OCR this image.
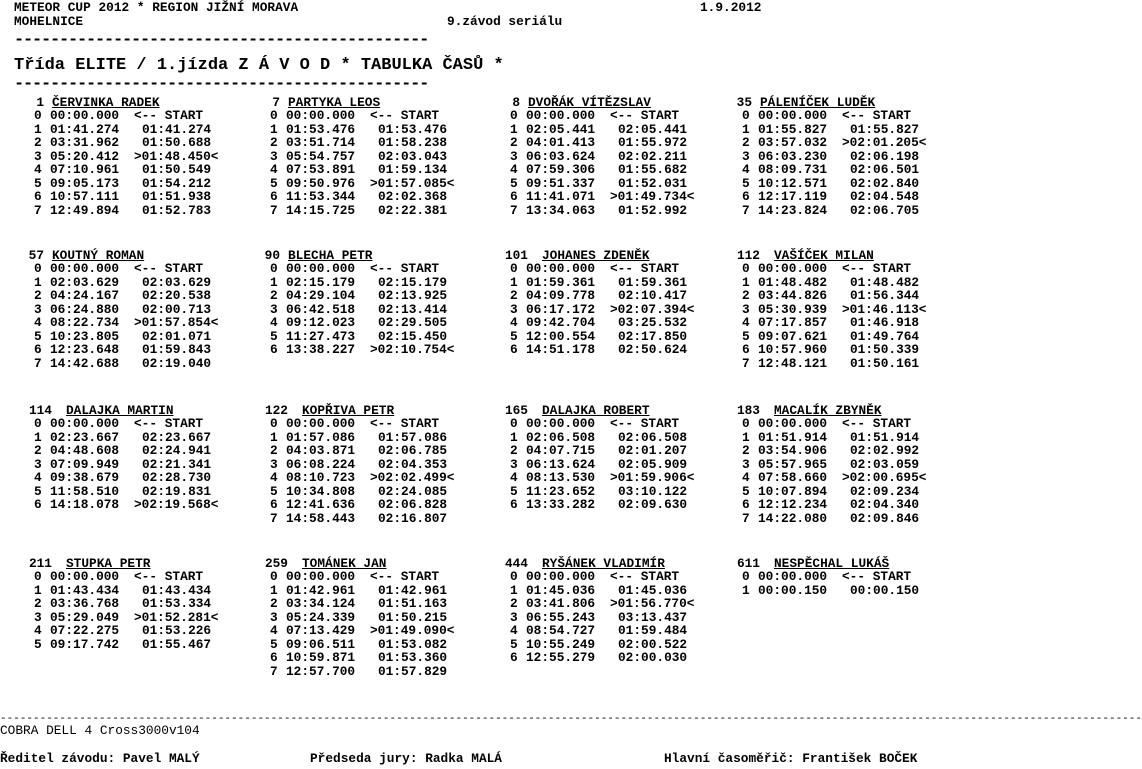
METEOR CUP 2012 * REGION JIŽNÍ MORAVA	1.9.2012
MOHELNICE	9.závod seriálu
----------------------------------------------
Třída ELITE / 1.jízda Z Á V O D * TABULKA ČASŮ *
----------------------------------------------
1 ČERVINKA RADEK
0 00:00.000 <-- START
1 01:41.274 01:41.274
2 03:31.962 01:50.688
3 05:20.412 >01:48.450<
4 07:10.961 01:50.549
5 09:05.173 01:54.212
6 10:57.111 01:51.938
7 12:49.894 01:52.783
7 PARTYKA LEOS
0 00:00.000 <-- START
1 01:53.476 01:53.476
2 03:51.714 01:58.238
3 05:54.757 02:03.043
4 07:53.891 01:59.134
5 09:50.976 >01:57.085<
6 11:53.344 02:02.368
7 14:15.725 02:22.381
8 DVOŘÁK VÍTĚZSLAV
0 00:00.000 <-- START
1 02:05.441 02:05.441
2 04:01.413 01:55.972
3 06:03.624 02:02.211
4 07:59.306 01:55.682
5 09:51.337 01:52.031
6 11:41.071 >01:49.734<
7 13:34.063 01:52.992
35 PÁLENÍČEK LUDĚK
0 00:00.000 <-- START
1 01:55.827 01:55.827
2 03:57.032 >02:01.205<
3 06:03.230 02:06.198
4 08:09.731 02:06.501
5 10:12.571 02:02.840
6 12:17.119 02:04.548
7 14:23.824 02:06.705
57 KOUTNÝ ROMAN
0 00:00.000 <-- START
1 02:03.629 02:03.629
2 04:24.167 02:20.538
3 06:24.880 02:00.713
4 08:22.734 >01:57.854<
5 10:23.805 02:01.071
6 12:23.648 01:59.843
7 14:42.688 02:19.040
90 BLECHA PETR
0 00:00.000 <-- START
1 02:15.179 02:15.179
2 04:29.104 02:13.925
3 06:42.518 02:13.414
4 09:12.023 02:29.505
5 11:27.473 02:15.450
6 13:38.227 >02:10.754<
101 JOHANES ZDENĚK
0 00:00.000 <-- START
1 01:59.361 01:59.361
2 04:09.778 02:10.417
3 06:17.172 >02:07.394<
4 09:42.704 03:25.532
5 12:00.554 02:17.850
6 14:51.178 02:50.624
112 VAŠÍČEK MILAN
0 00:00.000 <-- START
1 01:48.482 01:48.482
2 03:44.826 01:56.344
3 05:30.939 >01:46.113<
4 07:17.857 01:46.918
5 09:07.621 01:49.764
6 10:57.960 01:50.339
7 12:48.121 01:50.161
114 DALAJKA MARTIN
0 00:00.000 <-- START
1 02:23.667 02:23.667
2 04:48.608 02:24.941
3 07:09.949 02:21.341
4 09:38.679 02:28.730
5 11:58.510 02:19.831
6 14:18.078 >02:19.568<
122 KOPŘIVA PETR
0 00:00.000 <-- START
1 01:57.086 01:57.086
2 04:03.871 02:06.785
3 06:08.224 02:04.353
4 08:10.723 >02:02.499<
5 10:34.808 02:24.085
6 12:41.636 02:06.828
7 14:58.443 02:16.807
165 DALAJKA ROBERT
0 00:00.000 <-- START
1 02:06.508 02:06.508
2 04:07.715 02:01.207
3 06:13.624 02:05.909
4 08:13.530 >01:59.906<
5 11:23.652 03:10.122
6 13:33.282 02:09.630
183 MACALÍK ZBYNĚK
0 00:00.000 <-- START
1 01:51.914 01:51.914
2 03:54.906 02:02.992
3 05:57.965 02:03.059
4 07:58.660 >02:00.695<
5 10:07.894 02:09.234
6 12:12.234 02:04.340
7 14:22.080 02:09.846
211 STUPKA PETR
0 00:00.000 <-- START
1 01:43.434 01:43.434
2 03:36.768 01:53.334
3 05:29.049 >01:52.281<
4 07:22.275 01:53.226
5 09:17.742 01:55.467
259 TOMÁNEK JAN
0 00:00.000 <-- START
1 01:42.961 01:42.961
2 03:34.124 01:51.163
3 05:24.339 01:50.215
4 07:13.429 >01:49.090<
5 09:06.511 01:53.082
6 10:59.871 01:53.360
7 12:57.700 01:57.829
444 RYŠÁNEK VLADIMÍR
0 00:00.000 <-- START
1 01:45.036 01:45.036
2 03:41.806 >01:56.770<
3 06:55.243 03:13.437
4 08:54.727 01:59.484
5 10:55.249 02:00.522
6 12:55.279 02:00.030
611 NESPĚCHAL LUKÁŠ
0 00:00.000 <-- START
1 00:00.150 00:00.150
-----------------------------------------------------------------------------------------------------------------------------------------------------------------------------
COBRA DELL 4 Cross3000v104
Ředitel závodu: Pavel MALÝ	Předseda jury: Radka MALÁ	Hlavní časoměřič: František BOČEK
